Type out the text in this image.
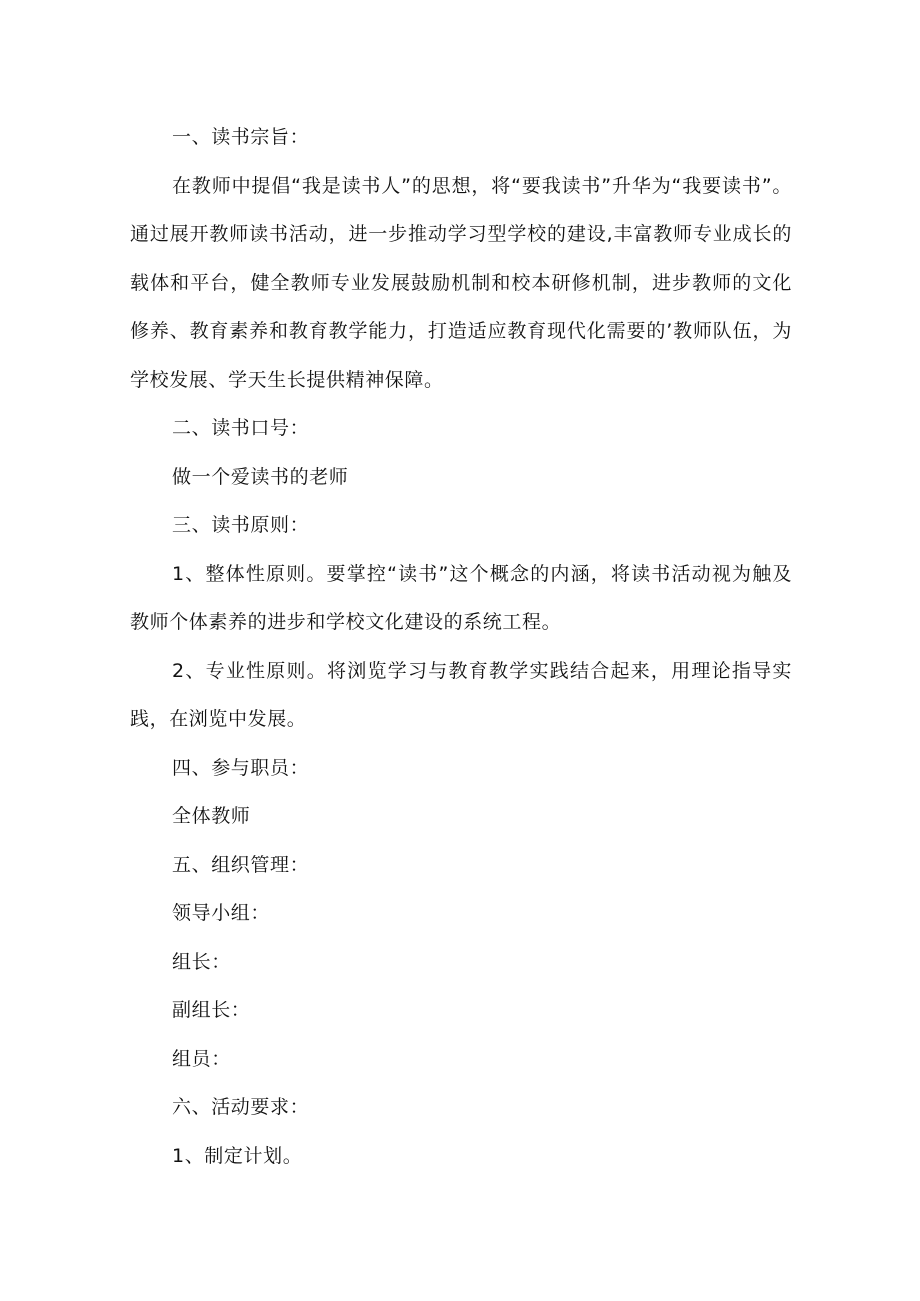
一、读书宗旨：

在教师中提倡“我是读书人”的思想，将“要我读书”升华为“我要读书”。通过展开教师读书活动，进一步推动学习型学校的建设,丰富教师专业成长的载体和平台，健全教师专业发展鼓励机制和校本研修机制，进步教师的文化修养、教育素养和教育教学能力，打造适应教育现代化需要的’教师队伍，为学校发展、学天生长提供精神保障。

二、读书口号：

做一个爱读书的老师

三、读书原则：

1、整体性原则。要掌控“读书”这个概念的内涵，将读书活动视为触及教师个体素养的进步和学校文化建设的系统工程。

2、专业性原则。将浏览学习与教育教学实践结合起来，用理论指导实践，在浏览中发展。

四、参与职员：

全体教师

五、组织管理：

领导小组：

组长：

副组长：

组员：

六、活动要求：

1、制定计划。
